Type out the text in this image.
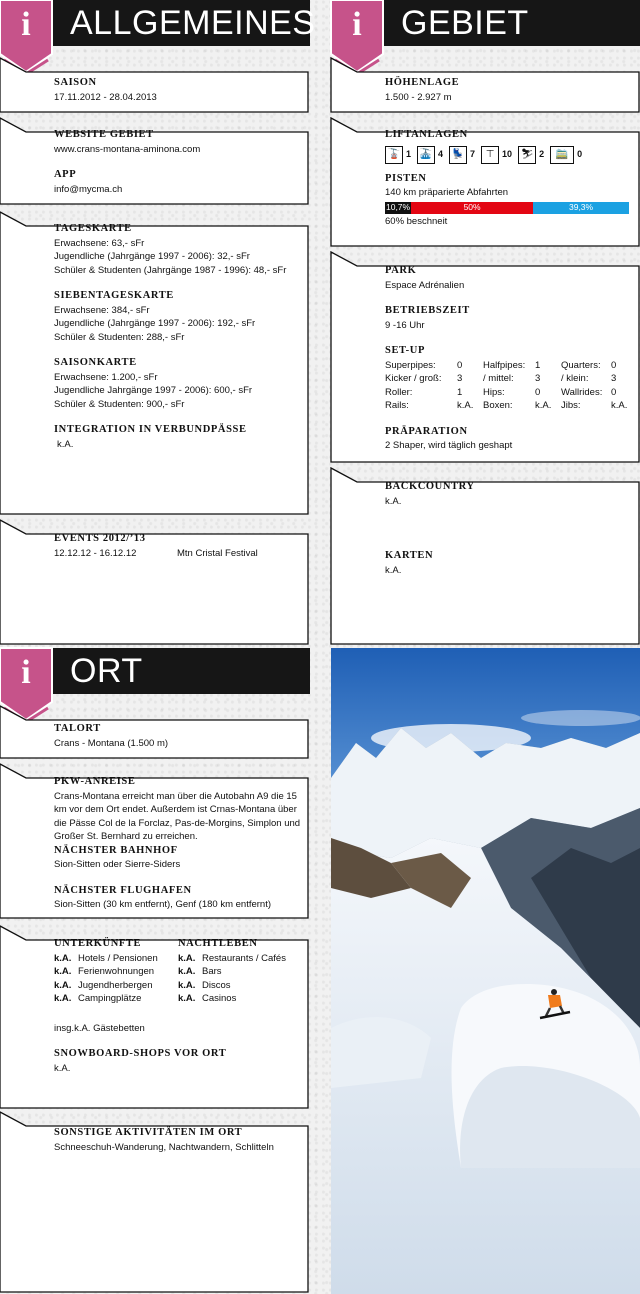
ALLGEMEINES	GEBIET
ORT
i	i
i
SAISON
17.11.2012 - 28.04.2013
WEBSITE GEBIET
www.crans-montana-aminona.com
APP
info@mycma.ch
TAGESKARTE
Erwachsene: 63,- sFr
Jugendliche (Jahrgänge 1997 - 2006): 32,- sFr
Schüler & Studenten (Jahrgänge 1987 - 1996): 48,- sFr
SIEBENTAGESKARTE
Erwachsene: 384,- sFr
Jugendliche (Jahrgänge 1997 - 2006): 192,- sFr
Schüler & Studenten: 288,- sFr
SAISONKARTE
Erwachsene: 1.200,- sFr
Jugendliche Jahrgänge 1997 - 2006): 600,- sFr
Schüler & Studenten: 900,- sFr
INTEGRATION IN VERBUNDPÄSSE
k.A.
EVENTS 2012/’13
12.12.12 - 16.12.12	Mtn Cristal Festival
HÖHENLAGE
1.500 - 2.927 m
LIFTANLAGEN
🚡 1 🚠 4 💺 7	⊤ 10 ⛷ 2	🚞 0
PISTEN
140 km präparierte Abfahrten
10,7%	50%	39,3%
60% beschneit
PARK
Espace Adrénalien
BETRIEBSZEIT
9 -16 Uhr
SET-UP
Superpipes:	0	Halfpipes:	1	Quarters:	0
Kicker / groß:	3	/ mittel:	3	/ klein:	3
Roller:	1	Hips:	0	Wallrides: 0
Rails:	k.A.	Boxen:	k.A.	Jibs:	k.A.
PRÄPARATION
2 Shaper, wird täglich geshapt
BACKCOUNTRY
k.A.
KARTEN
k.A.
TALORT
Crans - Montana (1.500 m)
PKW-ANREISE
Crans-Montana erreicht man über die Autobahn A9 die 15
km vor dem Ort endet. Außerdem ist Crnas-Montana über
die Pässe Col de la Forclaz, Pas-de-Morgins, Simplon und
Großer St. Bernhard zu erreichen.
NÄCHSTER BAHNHOF
Sion-Sitten oder Sierre-Siders
NÄCHSTER FLUGHAFEN
Sion-Sitten (30 km entfernt), Genf (180 km entfernt)
UNTERKÜNFTE
k.A. Hotels / Pensionen
k.A. Ferienwohnungen
k.A. Jugendherbergen
k.A. Campingplätze
NACHTLEBEN
k.A. Restaurants / Cafés
k.A. Bars
k.A. Discos
k.A. Casinos
insg.k.A. Gästebetten
SNOWBOARD-SHOPS VOR ORT
k.A.
SONSTIGE AKTIVITÄTEN IM ORT
Schneeschuh-Wanderung, Nachtwandern, Schlitteln
